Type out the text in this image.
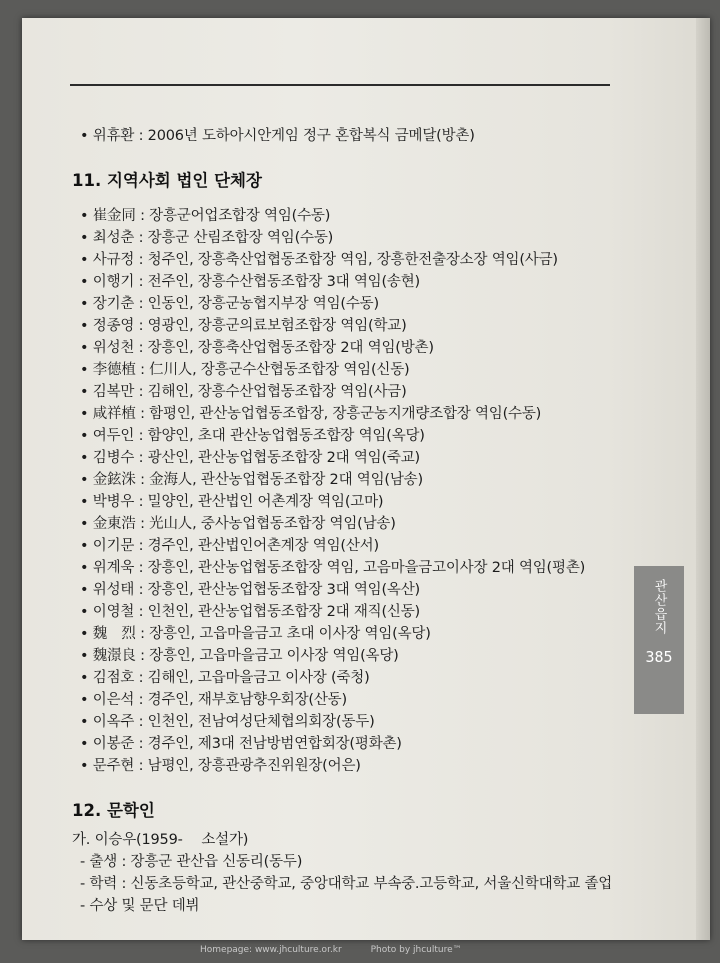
• 위휴환 : 2006년 도하아시안게임 정구 혼합복식 금메달(방촌)
11. 지역사회 법인 단체장
• 崔金同 : 장흥군어업조합장 역임(수동)
• 최성춘 : 장흥군 산림조합장 역임(수동)
• 사규정 : 청주인, 장흥축산업협동조합장 역임, 장흥한전출장소장 역임(사금)
• 이행기 : 전주인, 장흥수산협동조합장 3대 역임(송현)
• 장기춘 : 인동인, 장흥군농협지부장 역임(수동)
• 정종영 : 영광인, 장흥군의료보험조합장 역임(학교)
• 위성천 : 장흥인, 장흥축산업협동조합장 2대 역임(방촌)
• 李德植 : 仁川人, 장흥군수산협동조합장 역임(신동)
• 김복만 : 김해인, 장흥수산업협동조합장 역임(사금)
• 咸祥植 : 함평인, 관산농업협동조합장, 장흥군농지개량조합장 역임(수동)
• 여두인 : 함양인, 초대 관산농업협동조합장 역임(옥당)
• 김병수 : 광산인, 관산농업협동조합장 2대 역임(죽교)
• 金鉉洙 : 金海人, 관산농업협동조합장 2대 역임(남송)
• 박병우 : 밀양인, 관산법인 어촌계장 역임(고마)
• 金東浩 : 光山人, 중사농업협동조합장 역임(남송)
• 이기문 : 경주인, 관산법인어촌계장 역임(산서)
• 위계욱 : 장흥인, 관산농업협동조합장 역임, 고음마을금고이사장 2대 역임(평촌)
• 위성태 : 장흥인, 관산농업협동조합장 3대 역임(옥산)
• 이영철 : 인천인, 관산농업협동조합장 2대 재직(신동)
• 魏　烈 : 장흥인, 고읍마을금고 초대 이사장 역임(옥당)
• 魏澋良 : 장흥인, 고읍마을금고 이사장 역임(옥당)
• 김점호 : 김해인, 고읍마을금고 이사장 (죽청)
• 이은석 : 경주인, 재부호남향우회장(산동)
• 이옥주 : 인천인, 전남여성단체협의회장(동두)
• 이봉준 : 경주인, 제3대 전남방범연합회장(평화촌)
• 문주현 : 남평인, 장흥관광추진위원장(어은)
12. 문학인
가. 이승우(1959-　 소설가)
- 출생 : 장흥군 관산읍 신동리(동두)
- 학력 : 신동초등학교, 관산중학교, 중앙대학교 부속중.고등학교, 서울신학대학교 졸업
- 수상 및 문단 데뷔
관산읍지
385
Homepage: www.jhculture.or.kr	Photo by jhculture™
